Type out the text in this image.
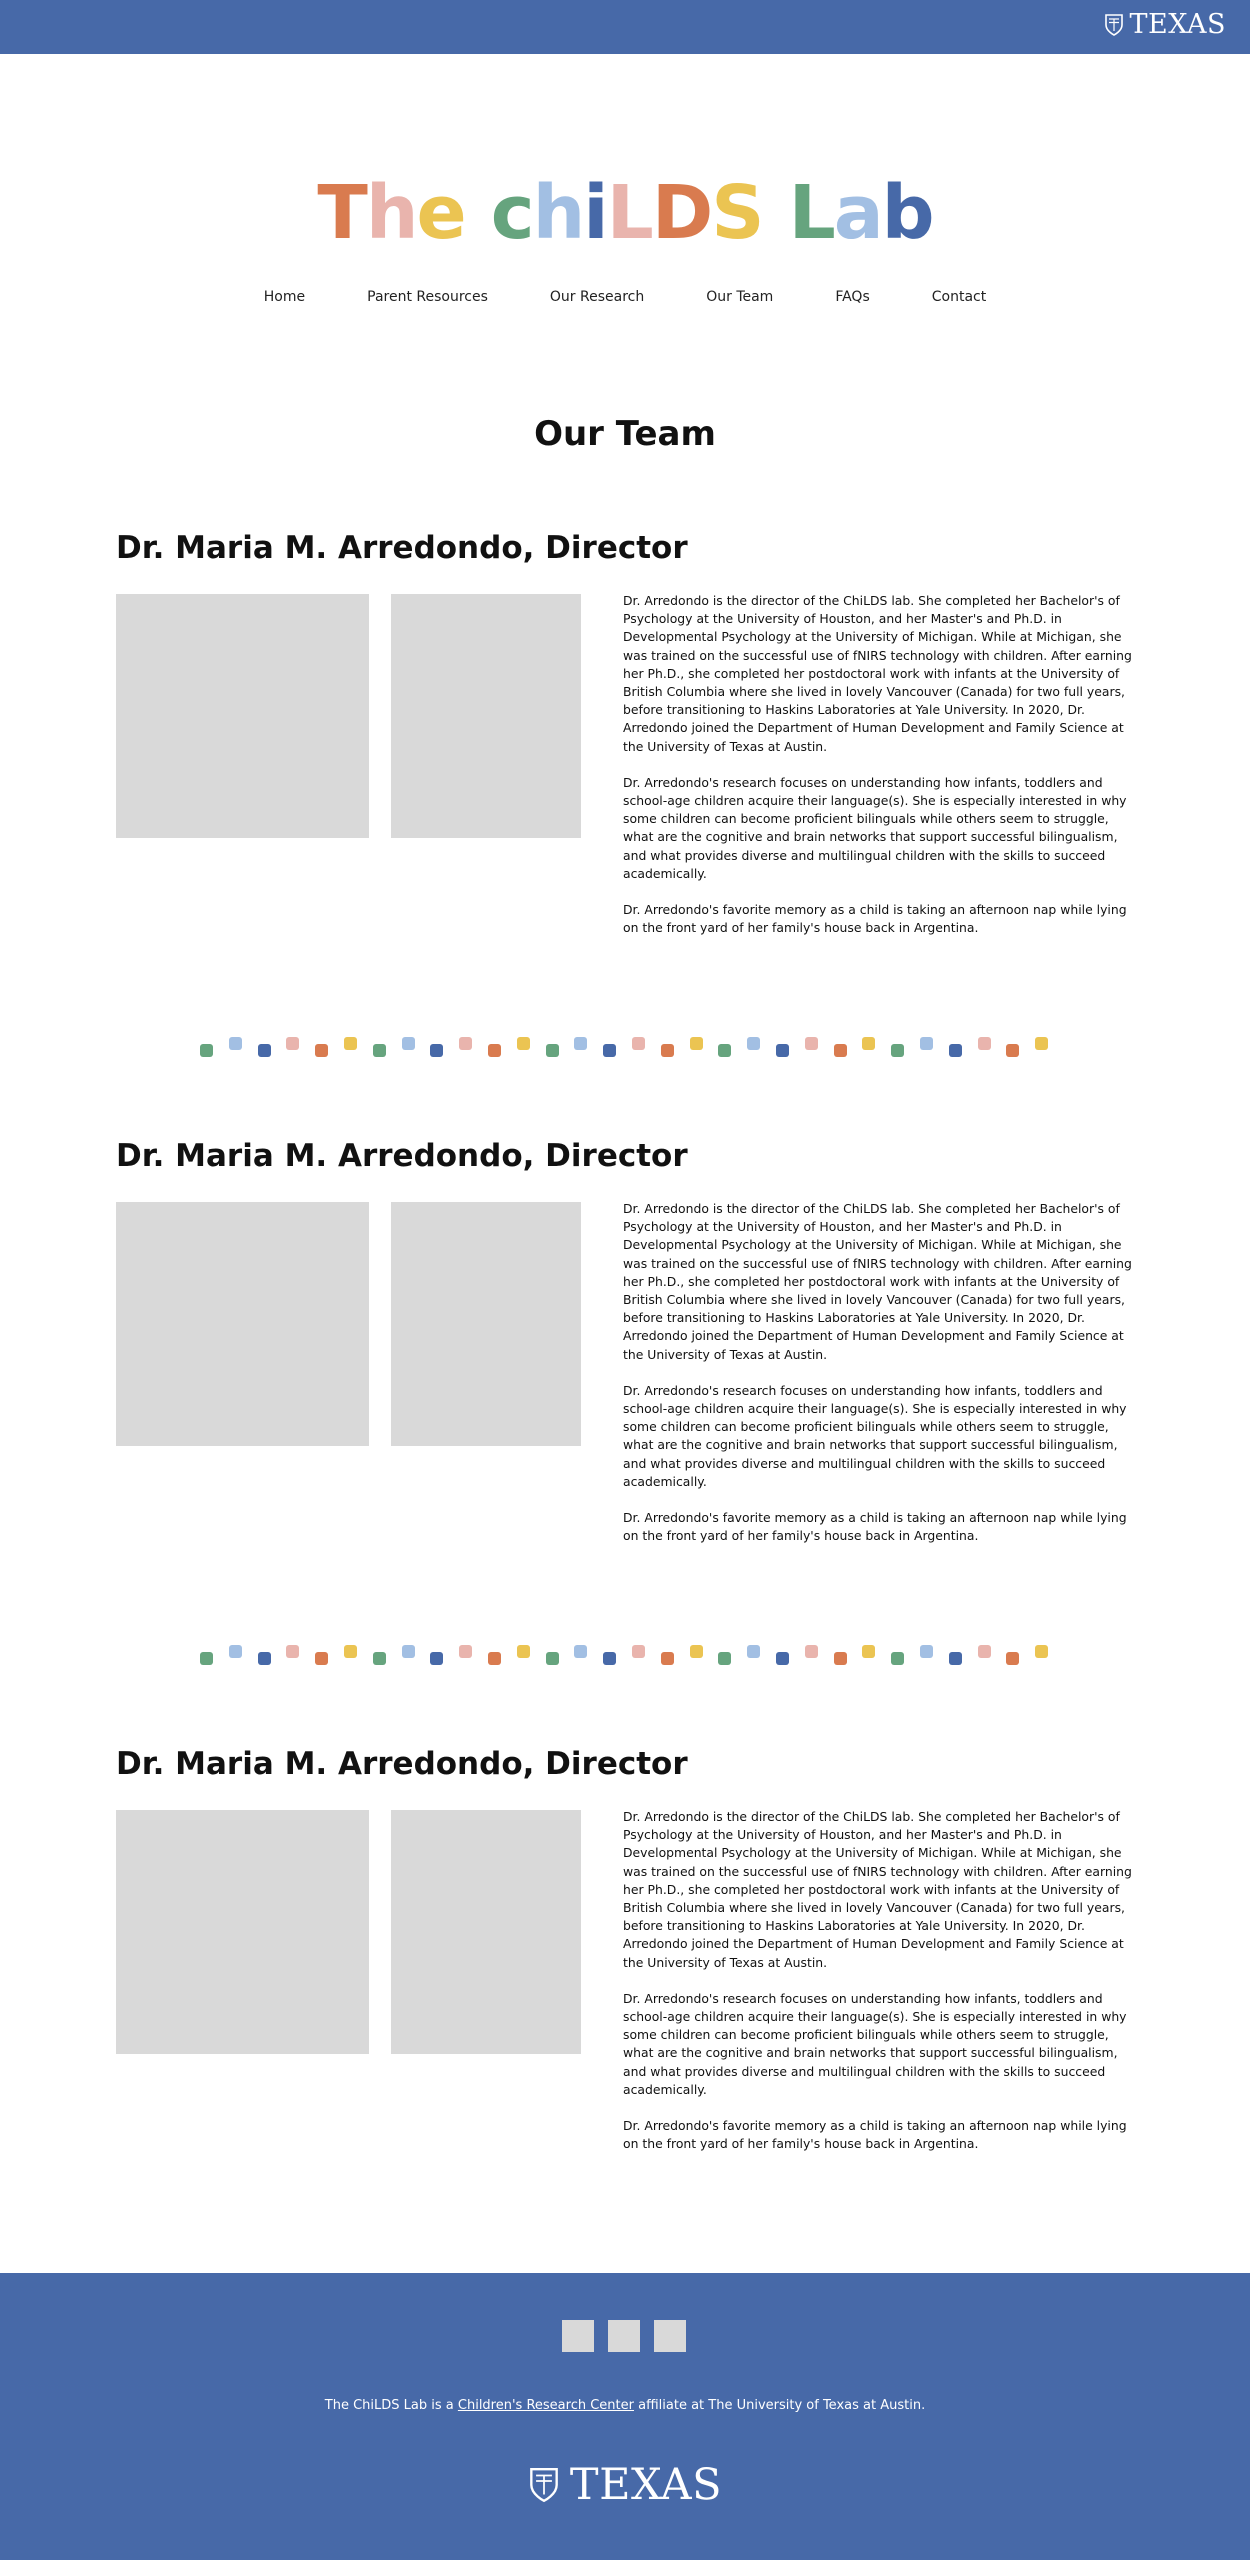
TEXAS
The chiLDS Lab
Home	Parent Resources	Our Research	Our Team	FAQs	Contact
Our Team
Dr. Maria M. Arredondo, Director

Dr. Arredondo is the director of the ChiLDS lab. She completed her Bachelor's of Psychology at the University of Houston, and her Master's and Ph.D. in Developmental Psychology at the University of Michigan. While at Michigan, she was trained on the successful use of fNIRS technology with children. After earning her Ph.D., she completed her postdoctoral work with infants at the University of British Columbia where she lived in lovely Vancouver (Canada) for two full years, before transitioning to Haskins Laboratories at Yale University. In 2020, Dr. Arredondo joined the Department of Human Development and Family Science at the University of Texas at Austin.

Dr. Arredondo's research focuses on understanding how infants, toddlers and school-age children acquire their language(s). She is especially interested in why some children can become proficient bilinguals while others seem to struggle, what are the cognitive and brain networks that support successful bilingualism, and what provides diverse and multilingual children with the skills to succeed academically.

Dr. Arredondo's favorite memory as a child is taking an afternoon nap while lying on the front yard of her family's house back in Argentina.

Dr. Maria M. Arredondo, Director

Dr. Arredondo is the director of the ChiLDS lab. She completed her Bachelor's of Psychology at the University of Houston, and her Master's and Ph.D. in Developmental Psychology at the University of Michigan. While at Michigan, she was trained on the successful use of fNIRS technology with children. After earning her Ph.D., she completed her postdoctoral work with infants at the University of British Columbia where she lived in lovely Vancouver (Canada) for two full years, before transitioning to Haskins Laboratories at Yale University. In 2020, Dr. Arredondo joined the Department of Human Development and Family Science at the University of Texas at Austin.

Dr. Arredondo's research focuses on understanding how infants, toddlers and school-age children acquire their language(s). She is especially interested in why some children can become proficient bilinguals while others seem to struggle, what are the cognitive and brain networks that support successful bilingualism, and what provides diverse and multilingual children with the skills to succeed academically.

Dr. Arredondo's favorite memory as a child is taking an afternoon nap while lying on the front yard of her family's house back in Argentina.

Dr. Maria M. Arredondo, Director

Dr. Arredondo is the director of the ChiLDS lab. She completed her Bachelor's of Psychology at the University of Houston, and her Master's and Ph.D. in Developmental Psychology at the University of Michigan. While at Michigan, she was trained on the successful use of fNIRS technology with children. After earning her Ph.D., she completed her postdoctoral work with infants at the University of British Columbia where she lived in lovely Vancouver (Canada) for two full years, before transitioning to Haskins Laboratories at Yale University. In 2020, Dr. Arredondo joined the Department of Human Development and Family Science at the University of Texas at Austin.

Dr. Arredondo's research focuses on understanding how infants, toddlers and school-age children acquire their language(s). She is especially interested in why some children can become proficient bilinguals while others seem to struggle, what are the cognitive and brain networks that support successful bilingualism, and what provides diverse and multilingual children with the skills to succeed academically.

Dr. Arredondo's favorite memory as a child is taking an afternoon nap while lying on the front yard of her family's house back in Argentina.

The ChiLDS Lab is a Children's Research Center affiliate at The University of Texas at Austin.
TEXAS
